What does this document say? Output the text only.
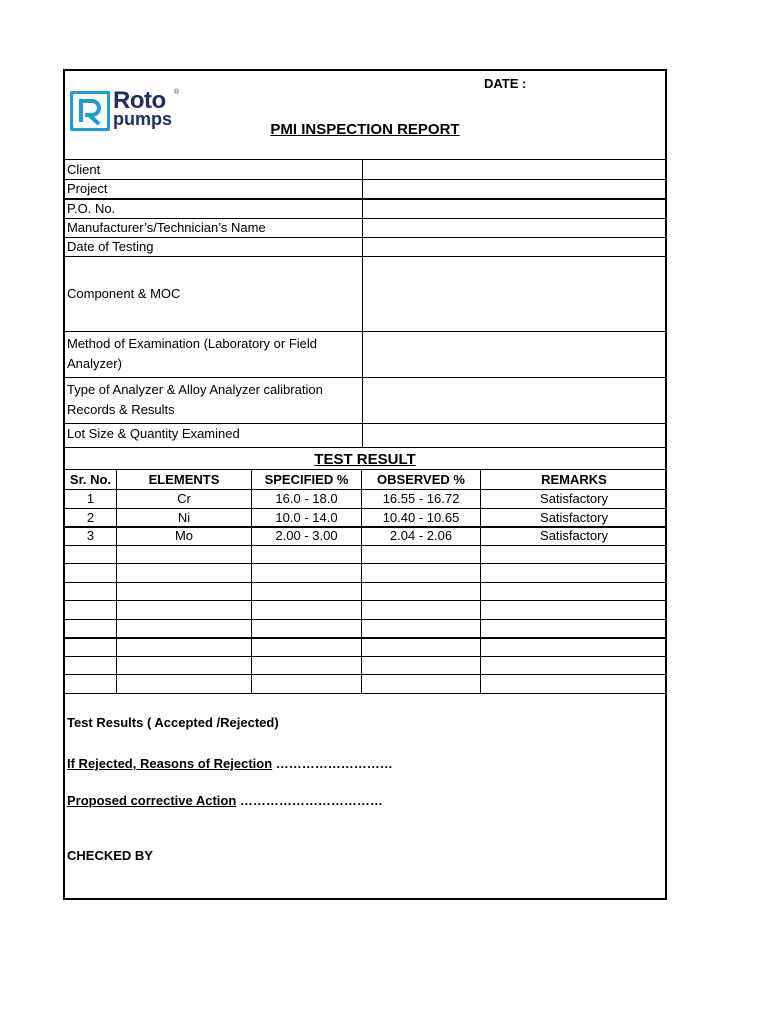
DATE :
Roto ®
pumps
PMI INSPECTION REPORT
Client
Project
P.O. No.
Manufacturer’s/Technician’s Name
Date of Testing
Component & MOC
Method of Examination (Laboratory or Field
Analyzer)
Type of Analyzer & Alloy Analyzer calibration
Records & Results
Lot Size & Quantity Examined
TEST RESULT
Sr. No.	ELEMENTS	SPECIFIED %	OBSERVED %	REMARKS
1	Cr	16.0 - 18.0	16.55 - 16.72	Satisfactory
2	Ni	10.0 - 14.0	10.40 - 10.65	Satisfactory
3	Mo	2.00 - 3.00	2.04 - 2.06	Satisfactory
Test Results ( Accepted /Rejected)
If Rejected, Reasons of Rejection ………………………
Proposed corrective Action ……………………………
CHECKED BY
